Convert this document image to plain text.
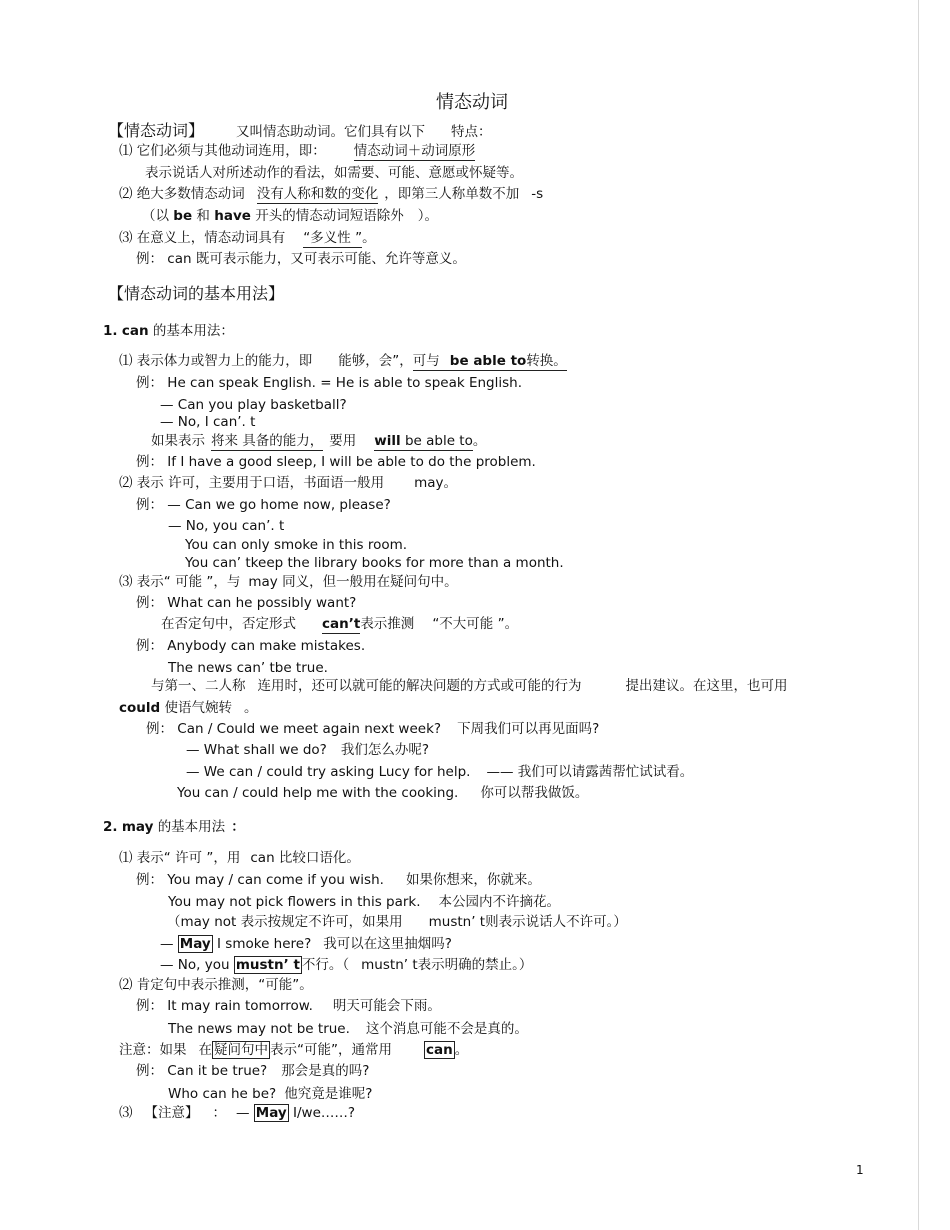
情态动词
【情态动词】 又叫情态助动词。它们具有以下 特点：
⑴ 它们必须与其他动词连用，即： 情态动词＋动词原形
表示说话人对所述动作的看法，如需要、可能、意愿或怀疑等。
⑵ 绝大多数情态动词 没有人称和数的变化 ，即第三人称单数不加 -s
（以 be 和 have 开头的情态动词短语除外 ）。
⑶ 在意义上，情态动词具有 “多义性 ”。
例： can 既可表示能力，又可表示可能、允许等意义。
【情态动词的基本用法】
1. can 的基本用法：
⑴ 表示体力或智力上的能力，即 能够，会”，可与 be able to转换。
例： He can speak English. = He is able to speak English.
— Can you play basketball?
— No, I can’. t
如果表示 将来 具备的能力， 要用 will be able to。
例： If I have a good sleep, I will be able to do the problem.
⑵ 表示 许可，主要用于口语，书面语一般用 may。
例： — Can we go home now, please?
— No, you can’. t
You can only smoke in this room.
You can’ tkeep the library books for more than a month.
⑶ 表示“ 可能 ”，与 may 同义，但一般用在疑问句中。
例： What can he possibly want?
在否定句中，否定形式 can’t表示推测 “不大可能 ”。
例： Anybody can make mistakes.
The news can’ tbe true.
与第一、二人称 连用时，还可以就可能的解决问题的方式或可能的行为	提出建议。在这里，也可用
could 使语气婉转 。
例： Can / Could we meet again next week? 下周我们可以再见面吗?
— What shall we do? 我们怎么办呢?
— We can / could try asking Lucy for help. —— 我们可以请露茜帮忙试试看。
You can / could help me with the cooking. 你可以帮我做饭。
2. may 的基本用法 ：
⑴ 表示“ 许可 ”，用 can 比较口语化。
例： You may / can come if you wish. 如果你想来，你就来。
You may not pick flowers in this park. 本公园内不许摘花。
（may not 表示按规定不许可，如果用 mustn’ t则表示说话人不许可。）
— May I smoke here? 我可以在这里抽烟吗?
— No, you mustn’ t 不行。（ mustn’ t表示明确的禁止。）
⑵ 肯定句中表示推测，“可能”。
例： It may rain tomorrow. 明天可能会下雨。
The news may not be true. 这个消息可能不会是真的。
注意：如果 在 疑问句中 表示“可能”，通常用	can 。
例： Can it be true? 那会是真的吗?
Who can he be? 他究竟是谁呢?
⑶ 【注意】 ： — May I/we……?
1
